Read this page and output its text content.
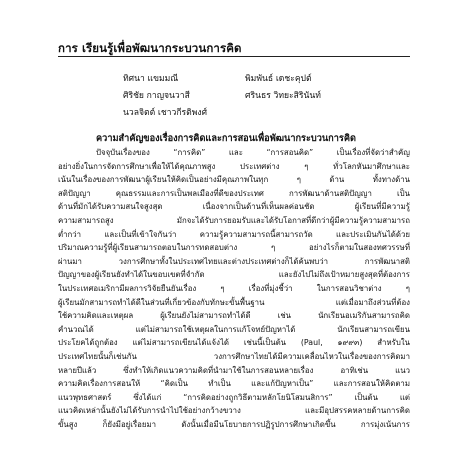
การ เรียนรู้เพื่อพัฒนากระบวนการคิด
ทิศนา แขมมณี	พิมพันธ์ เดชะคุปต์
ศิริชัย กาญจนวาสี	ศรินธร วิทยะสิรินันท์
นวลจิตต์ เชาวกีรติพงศ์
ความสำคัญของเรื่องการคิดและการสอนเพื่อพัฒนากระบวนการคิด
ปัจจุบันเรื่องของ “การคิด” และ “การสอนคิด” เป็นเรื่องที่จัดว่าสำคัญ
อย่างยิ่งในการจัดการศึกษาเพื่อให้ได้คุณภาพสูง ประเทศต่าง ๆ ทั่วโลกหันมาศึกษาและ
เน้นในเรื่องของการพัฒนาผู้เรียนให้คิดเป็นอย่างมีคุณภาพในทุก ๆ ด้าน ทั้งทางด้าน
สติปัญญา คุณธรรมและการเป็นพลเมืองที่ดีของประเทศ การพัฒนาด้านสติปัญญา เป็น
ด้านที่มักได้รับความสนใจสูงสุด เนื่องจากเป็นด้านที่เห็นผลค่อนชัด ผู้เรียนที่มีความรู้
ความสามารถสูง มักจะได้รับการยอมรับและได้รับโอกาสที่ดีกว่าผู้มีความรู้ความสามารถ
ต่ำกว่า และเป็นที่เข้าใจกันว่า ความรู้ความสามารถนี้สามารถวัด และประเมินกันได้ด้วย
ปริมาณความรู้ที่ผู้เรียนสามารถตอบในการทดสอบต่าง ๆ อย่างไรก็ตามในสองทศวรรษที่
ผ่านมา วงการศึกษาทั้งในประเทศไทยและต่างประเทศต่างก็ได้ค้นพบว่า การพัฒนาสติ
ปัญญาของผู้เรียนยังทำได้ในขอบเขตที่จำกัด และยังไปไม่ถึงเป้าหมายสูงสุดที่ต้องการ
ในประเทศอเมริกามีผลการวิจัยยืนยันเรื่อง ๆ เรื่องที่มุ่งชี้ว่า ในการสอนวิชาต่าง ๆ
ผู้เรียนมักสามารถทำได้ดีในส่วนที่เกี่ยวข้องกับทักษะขั้นพื้นฐาน แต่เมื่อมาถึงส่วนที่ต้อง
ใช้ความคิดและเหตุผล ผู้เรียนยังไม่สามารถทำได้ดี เช่น นักเรียนอเมริกันสามารถคิด
คำนวณได้ แต่ไม่สามารถใช้เหตุผลในการแก้โจทย์ปัญหาได้ นักเรียนสามารถเขียน
ประโยคได้ถูกต้อง แต่ไม่สามารถเขียนได้แจ้งได้ เช่นนี้เป็นต้น (Paul, ๑๙๙๓) สำหรับใน
ประเทศไทยนั้นก็เช่นกัน วงการศึกษาไทยได้มีความเคลื่อนไหวในเรื่องของการคิดมา
หลายปีแล้ว ซึ่งทำให้เกิดแนวความคิดที่นำมาใช้ในการสอนหลายเรื่อง อาทิเช่น แนว
ความคิดเรื่องการสอนให้ “คิดเป็น ทำเป็น และแก้ปัญหาเป็น” และการสอนให้คิดตาม
แนวพุทธศาสตร์ ซึ่งได้แก่ “การคิดอย่างถูกวิธีตามหลักโยนิโสมนสิการ” เป็นต้น แต่
แนวคิดเหล่านั้นยังไม่ได้รับการนำไปใช้อย่างกว้างขวาง และมีอุปสรรคหลายด้านการคิด
ขั้นสูง ก็ยังมีอยู่เรื่อยมา ดังนั้นเมื่อมีนโยบายการปฏิรูปการศึกษาเกิดขึ้น การมุ่งเน้นการ
